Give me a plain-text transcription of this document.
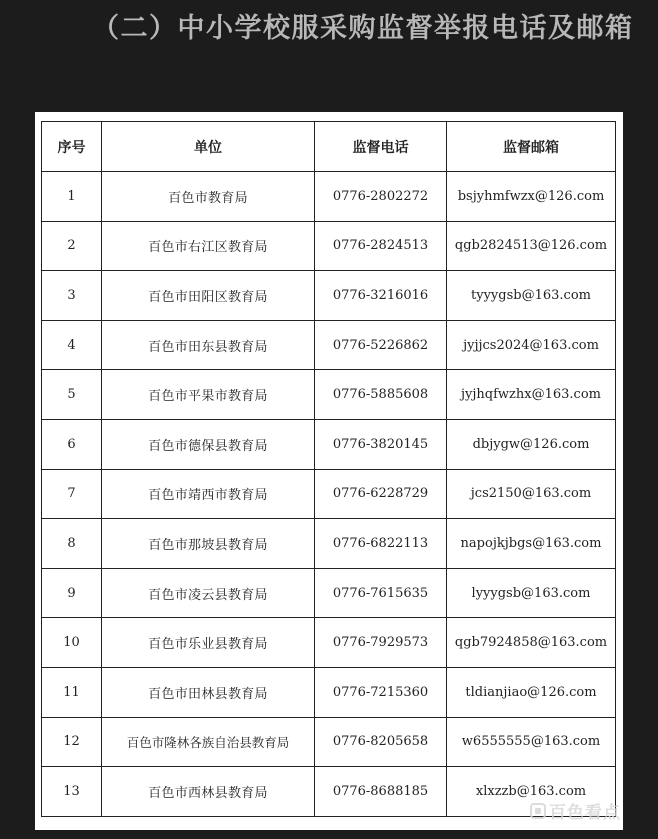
（二）中小学校服采购监督举报电话及邮箱
序号	单位	监督电话	监督邮箱
1	百色市教育局	0776-2802272	bsjyhmfwzx@126.com
2	百色市右江区教育局	0776-2824513	qgb2824513@126.com
3	百色市田阳区教育局	0776-3216016	tyyygsb@163.com
4	百色市田东县教育局	0776-5226862	jyjjcs2024@163.com
5	百色市平果市教育局	0776-5885608	jyjhqfwzhx@163.com
6	百色市德保县教育局	0776-3820145	dbjygw@126.com
7	百色市靖西市教育局	0776-6228729	jcs2150@163.com
8	百色市那坡县教育局	0776-6822113	napojkjbgs@163.com
9	百色市凌云县教育局	0776-7615635	lyyygsb@163.com
10	百色市乐业县教育局	0776-7929573	qgb7924858@163.com
11	百色市田林县教育局	0776-7215360	tldianjiao@126.com
12	百色市隆林各族自治县教育局	0776-8205658	w6555555@163.com
13	百色市西林县教育局	0776-8688185	xlxzzb@163.com
百色看点
